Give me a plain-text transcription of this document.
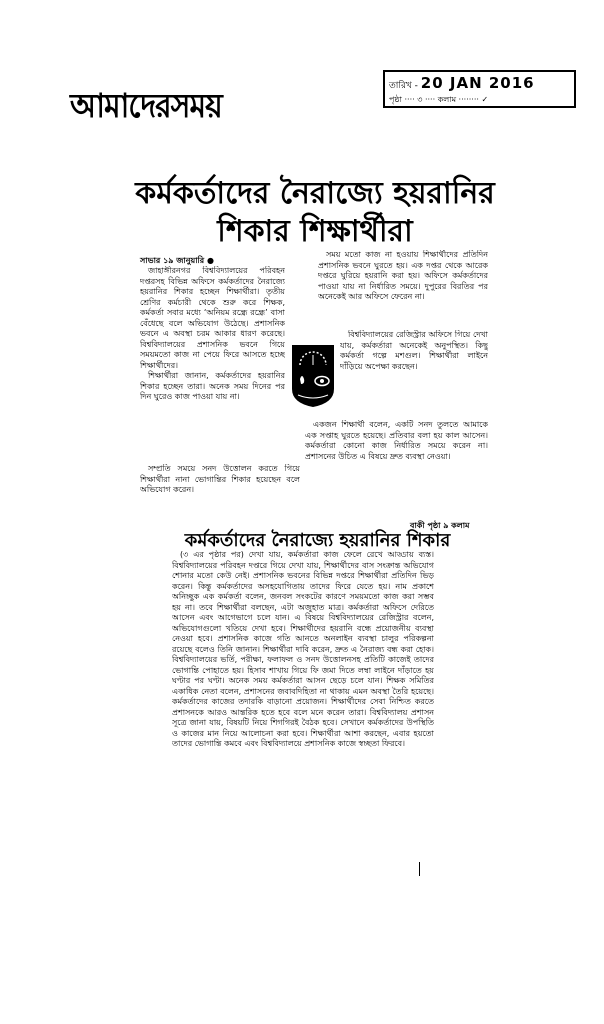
আমাদেরসময়
তারিখ - 20 JAN 2016
পৃষ্ঠা ···· ৩ ···· কলাম ········ ✓
কর্মকর্তাদের নৈরাজ্যে হয়রানির
শিকার শিক্ষার্থীরা
সাভার ১৯ জানুয়ারি ●

জাহাঙ্গীরনগর বিশ্ববিদ্যালয়ের পরিবহন দপ্তরসহ বিভিন্ন অফিসে কর্মকর্তাদের নৈরাজ্যে হয়রানির শিকার হচ্ছেন শিক্ষার্থীরা। তৃতীয় শ্রেণির কর্মচারী থেকে শুরু করে শিক্ষক, কর্মকর্তা সবার মধ্যে ‘অনিয়ম রন্ধ্রে রন্ধ্রে’ বাসা বেঁধেছে বলে অভিযোগ উঠেছে। প্রশাসনিক ভবনে এ অবস্থা চরম আকার ধারণ করেছে। বিশ্ববিদ্যালয়ের প্রশাসনিক ভবনে গিয়ে সময়মতো কাজ না পেয়ে ফিরে আসতে হচ্ছে শিক্ষার্থীদের।

শিক্ষার্থীরা জানান, কর্মকর্তাদের হয়রানির শিকার হচ্ছেন তারা। অনেক সময় দিনের পর দিন ঘুরেও কাজ পাওয়া যায় না।

সম্প্রতি সময়ে সনদ উত্তোলন করতে গিয়ে শিক্ষার্থীরা নানা ভোগান্তির শিকার হয়েছেন বলে অভিযোগ করেন।

সময় মতো কাজ না হওয়ায় শিক্ষার্থীদের প্রতিদিন প্রশাসনিক ভবনে ঘুরতে হয়। এক দপ্তর থেকে আরেক দপ্তরে ঘুরিয়ে হয়রানি করা হয়। অফিসে কর্মকর্তাদের পাওয়া যায় না নির্ধারিত সময়ে। দুপুরের বিরতির পর অনেকেই আর অফিসে ফেরেন না।

বিশ্ববিদ্যালয়ের রেজিস্ট্রার অফিসে গিয়ে দেখা যায়, কর্মকর্তারা অনেকেই অনুপস্থিত। কিছু কর্মকর্তা গল্পে মশগুল। শিক্ষার্থীরা লাইনে দাঁড়িয়ে অপেক্ষা করছেন।

একজন শিক্ষার্থী বলেন, একটি সনদ তুলতে আমাকে এক সপ্তাহ ঘুরতে হয়েছে। প্রতিবার বলা হয় কাল আসেন। কর্মকর্তারা কোনো কাজ নির্ধারিত সময়ে করেন না। প্রশাসনের উচিত এ বিষয়ে দ্রুত ব্যবস্থা নেওয়া।

বাকী পৃষ্ঠা ৯ কলাম
কর্মকর্তাদের নৈরাজ্যে হয়রানির শিকার

(৩ এর পৃষ্ঠার পর) দেখা যায়, কর্মকর্তারা কাজ ফেলে রেখে আড্ডায় ব্যস্ত। বিশ্ববিদ্যালয়ের পরিবহন দপ্তরে গিয়ে দেখা যায়, শিক্ষার্থীদের বাস সংক্রান্ত অভিযোগ শোনার মতো কেউ নেই। প্রশাসনিক ভবনের বিভিন্ন দপ্তরে শিক্ষার্থীরা প্রতিদিন ভিড় করেন। কিন্তু কর্মকর্তাদের অসহযোগিতায় তাদের ফিরে যেতে হয়। নাম প্রকাশে অনিচ্ছুক এক কর্মকর্তা বলেন, জনবল সংকটের কারণে সময়মতো কাজ করা সম্ভব হয় না। তবে শিক্ষার্থীরা বলছেন, এটা অজুহাত মাত্র। কর্মকর্তারা অফিসে দেরিতে আসেন এবং আগেভাগে চলে যান। এ বিষয়ে বিশ্ববিদ্যালয়ের রেজিস্ট্রার বলেন, অভিযোগগুলো খতিয়ে দেখা হবে। শিক্ষার্থীদের হয়রানি বন্ধে প্রয়োজনীয় ব্যবস্থা নেওয়া হবে। প্রশাসনিক কাজে গতি আনতে অনলাইন ব্যবস্থা চালুর পরিকল্পনা রয়েছে বলেও তিনি জানান। শিক্ষার্থীরা দাবি করেন, দ্রুত এ নৈরাজ্য বন্ধ করা হোক। বিশ্ববিদ্যালয়ের ভর্তি, পরীক্ষা, ফলাফল ও সনদ উত্তোলনসহ প্রতিটি কাজেই তাদের ভোগান্তি পোহাতে হয়। হিসাব শাখায় গিয়ে ফি জমা দিতে লম্বা লাইনে দাঁড়াতে হয় ঘণ্টার পর ঘণ্টা। অনেক সময় কর্মকর্তারা আসন ছেড়ে চলে যান। শিক্ষক সমিতির একাধিক নেতা বলেন, প্রশাসনের জবাবদিহিতা না থাকায় এমন অবস্থা তৈরি হয়েছে। কর্মকর্তাদের কাজের তদারকি বাড়ানো প্রয়োজন। শিক্ষার্থীদের সেবা নিশ্চিত করতে প্রশাসনকে আরও আন্তরিক হতে হবে বলে মনে করেন তারা। বিশ্ববিদ্যালয় প্রশাসন সূত্রে জানা যায়, বিষয়টি নিয়ে শিগগিরই বৈঠক হবে। সেখানে কর্মকর্তাদের উপস্থিতি ও কাজের মান নিয়ে আলোচনা করা হবে। শিক্ষার্থীরা আশা করছেন, এবার হয়তো তাদের ভোগান্তি কমবে এবং বিশ্ববিদ্যালয়ে প্রশাসনিক কাজে স্বচ্ছতা ফিরবে।
